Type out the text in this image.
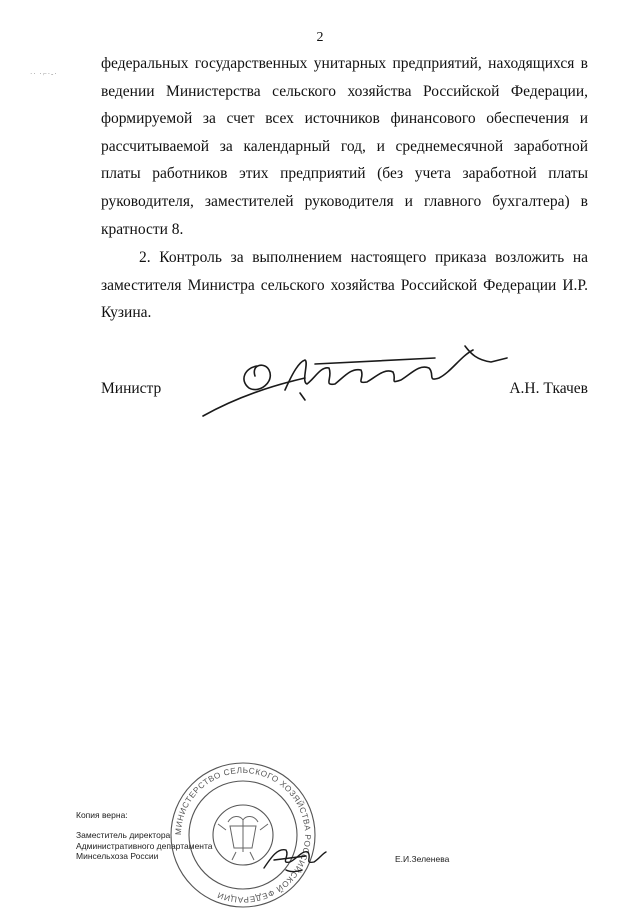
2
·· ·⌐·-·

федеральных государственных унитарных предприятий, находящихся в ведении Министерства сельского хозяйства Российской Федерации, формируемой за счет всех источников финансового обеспечения и рассчитываемой за календарный год, и среднемесячной заработной платы работников этих предприятий (без учета заработной платы руководителя, заместителей руководителя и главного бухгалтера) в кратности 8.

2. Контроль за выполнением настоящего приказа возложить на заместителя Министра сельского хозяйства Российской Федерации И.Р. Кузина.

Министр	А.Н. Ткачев
МИНИСТЕРСТВО СЕЛЬСКОГО ХОЗЯЙСТВА РОССИЙСКОЙ ФЕДЕРАЦИИ
Копия верна:
Заместитель директора
Административного департамента
Минсельхоза России	Е.И.Зеленева
